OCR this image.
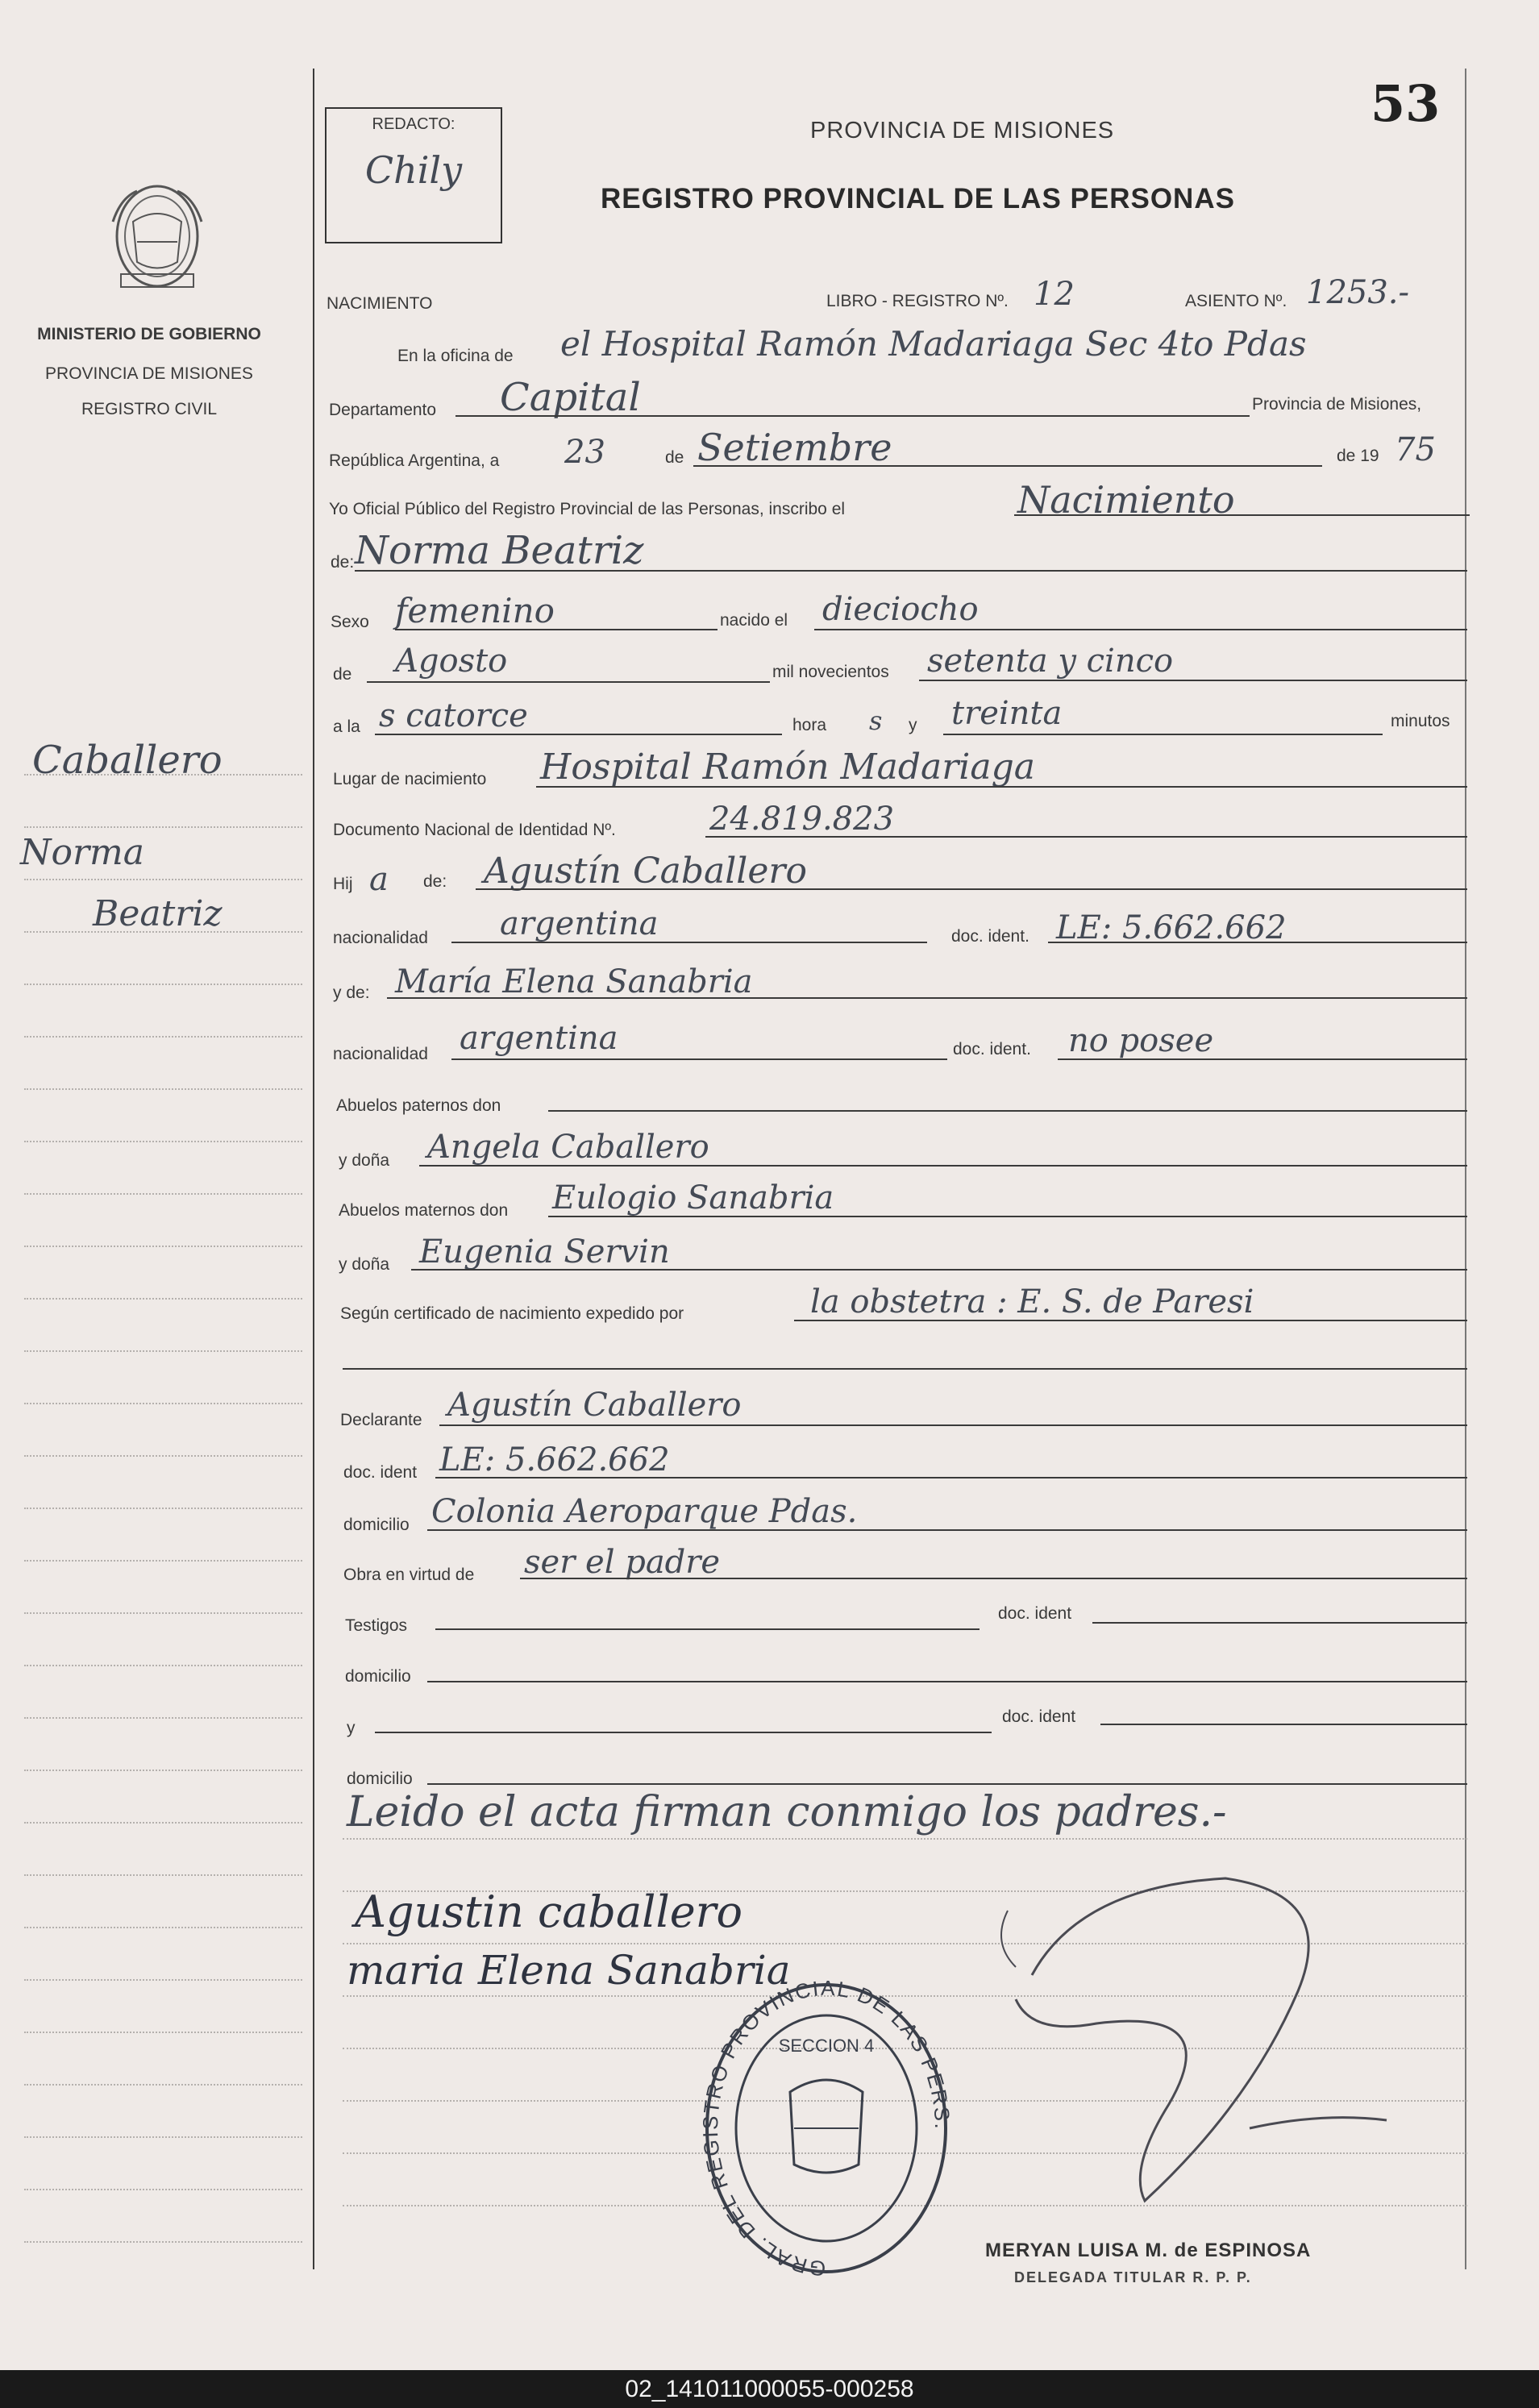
MINISTERIO DE GOBIERNO
PROVINCIA DE MISIONES
REGISTRO CIVIL
Caballero
Norma
Beatriz
REDACTO:
Chily
53
PROVINCIA DE MISIONES
REGISTRO PROVINCIAL DE LAS PERSONAS
NACIMIENTO	LIBRO - REGISTRO Nº. 12	ASIENTO Nº. 1253.-
En la oficina de el Hospital Ramón Madariaga Sec 4to Pdas
Departamento Capital	Provincia de Misiones,
República Argentina, a 23	de Setiembre	de 19 75
Yo Oficial Público del Registro Provincial de las Personas, inscribo el	Nacimiento
de: Norma Beatriz
Sexo femenino	nacido el dieciocho
de Agosto	mil novecientos setenta y cinco
a la s catorce	hora s y treinta	minutos
Lugar de nacimiento Hospital Ramón Madariaga
Documento Nacional de Identidad Nº.	24.819.823
Hij a de: Agustín Caballero
nacionalidad argentina	doc. ident. LE: 5.662.662
y de: María Elena Sanabria
nacionalidad argentina	doc. ident. no posee
Abuelos paternos don
y doña Angela Caballero
Abuelos maternos don Eulogio Sanabria
y doña Eugenia Servin
Según certificado de nacimiento expedido por	la obstetra : E. S. de Paresi
Declarante Agustín Caballero
doc. ident LE: 5.662.662
domicilio Colonia Aeroparque Pdas.
Obra en virtud de ser el padre
Testigos
doc. ident
domicilio
y
doc. ident
domicilio
Leido el acta firman conmigo los padres.-
Agustin caballero
maria Elena Sanabria
GRAL. DEL RE RO PROVINCIAL DE LAS PER
SECCION 4
MERYAN LUISA M. de ESPINOSA
DELEGADA TITULAR R. P. P.
02_141011000055-000258
